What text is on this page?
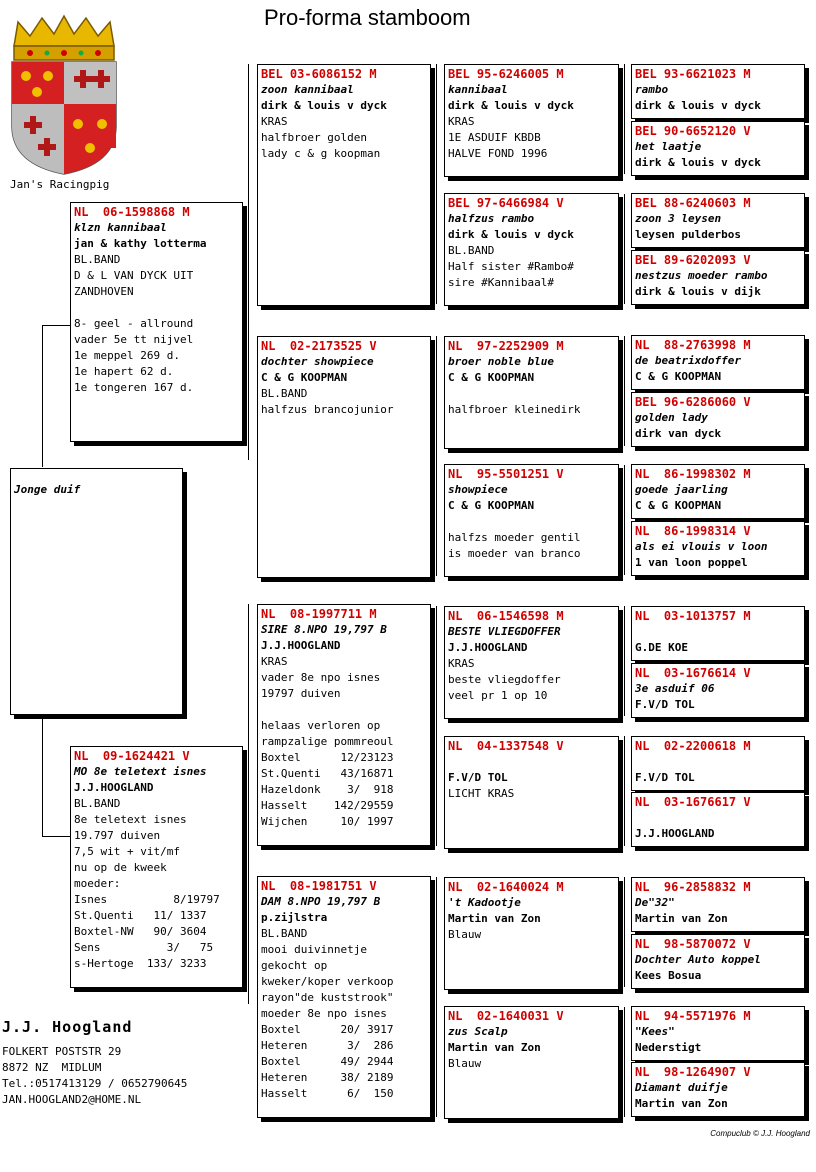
Pro-forma stamboom
Jan's Racingpig
Jonge duif
NL  06-1598868 M
klzn kannibaal
jan & kathy lotterma
BL.BAND
D & L VAN DYCK UIT
ZANDHOVEN
8- geel - allround
vader 5e tt nijvel
1e meppel 269 d.
1e hapert 62 d.
1e tongeren 167 d.
NL  09-1624421 V
MO 8e teletext isnes
J.J.HOOGLAND
BL.BAND
8e teletext isnes
19.797 duiven
7,5 wit + vit/mf
nu op de kweek
moeder:
Isnes          8/19797
St.Quenti   11/ 1337
Boxtel-NW   90/ 3604
Sens          3/   75
s-Hertoge  133/ 3233
BEL 03-6086152 M
zoon kannibaal
dirk & louis v dyck
KRAS
halfbroer golden
lady c & g koopman
NL  02-2173525 V
dochter showpiece
C & G KOOPMAN
BL.BAND
halfzus brancojunior
NL  08-1997711 M
SIRE 8.NPO 19,797 B
J.J.HOOGLAND
KRAS
vader 8e npo isnes
19797 duiven
helaas verloren op
rampzalige pommreoul
Boxtel      12/23123
St.Quenti   43/16871
Hazeldonk    3/  918
Hasselt    142/29559
Wijchen     10/ 1997
NL  08-1981751 V
DAM 8.NPO 19,797 B
p.zijlstra
BL.BAND
mooi duivinnetje
gekocht op
kweker/koper verkoop
rayon"de kuststrook"
moeder 8e npo isnes
Boxtel      20/ 3917
Heteren      3/  286
Boxtel      49/ 2944
Heteren     38/ 2189
Hasselt      6/  150
BEL 95-6246005 M
kannibaal
dirk & louis v dyck
KRAS
1E ASDUIF KBDB
HALVE FOND 1996
BEL 97-6466984 V
halfzus rambo
dirk & louis v dyck
BL.BAND
Half sister #Rambo#
sire #Kannibaal#
NL  97-2252909 M
broer noble blue
C & G KOOPMAN
halfbroer kleinedirk
NL  95-5501251 V
showpiece
C & G KOOPMAN
halfzs moeder gentil
is moeder van branco
NL  06-1546598 M
BESTE VLIEGDOFFER
J.J.HOOGLAND
KRAS
beste vliegdoffer
veel pr 1 op 10
NL  04-1337548 V
F.V/D TOL
LICHT KRAS
NL  02-1640024 M
't Kadootje
Martin van Zon
Blauw
NL  02-1640031 V
zus Scalp
Martin van Zon
Blauw
BEL 93-6621023 M
rambo
dirk & louis v dyck
BEL 90-6652120 V
het laatje
dirk & louis v dyck
BEL 88-6240603 M
zoon 3 leysen
leysen pulderbos
BEL 89-6202093 V
nestzus moeder rambo
dirk & louis v dijk
NL  88-2763998 M
de beatrixdoffer
C & G KOOPMAN
BEL 96-6286060 V
golden lady
dirk van dyck
NL  86-1998302 M
goede jaarling
C & G KOOPMAN
NL  86-1998314 V
als ei vlouis v loon
1 van loon poppel
NL  03-1013757 M
G.DE KOE
NL  03-1676614 V
3e asduif 06
F.V/D TOL
NL  02-2200618 M
F.V/D TOL
NL  03-1676617 V
J.J.HOOGLAND
NL  96-2858832 M
De"32"
Martin van Zon
NL  98-5870072 V
Dochter Auto koppel
Kees Bosua
NL  94-5571976 M
"Kees"
Nederstigt
NL  98-1264907 V
Diamant duifje
Martin van Zon
J.J. Hoogland
FOLKERT POSTSTR 29
8872 NZ  MIDLUM
Tel.:0517413129 / 0652790645
JAN.HOOGLAND2@HOME.NL
Compuclub © J.J. Hoogland
